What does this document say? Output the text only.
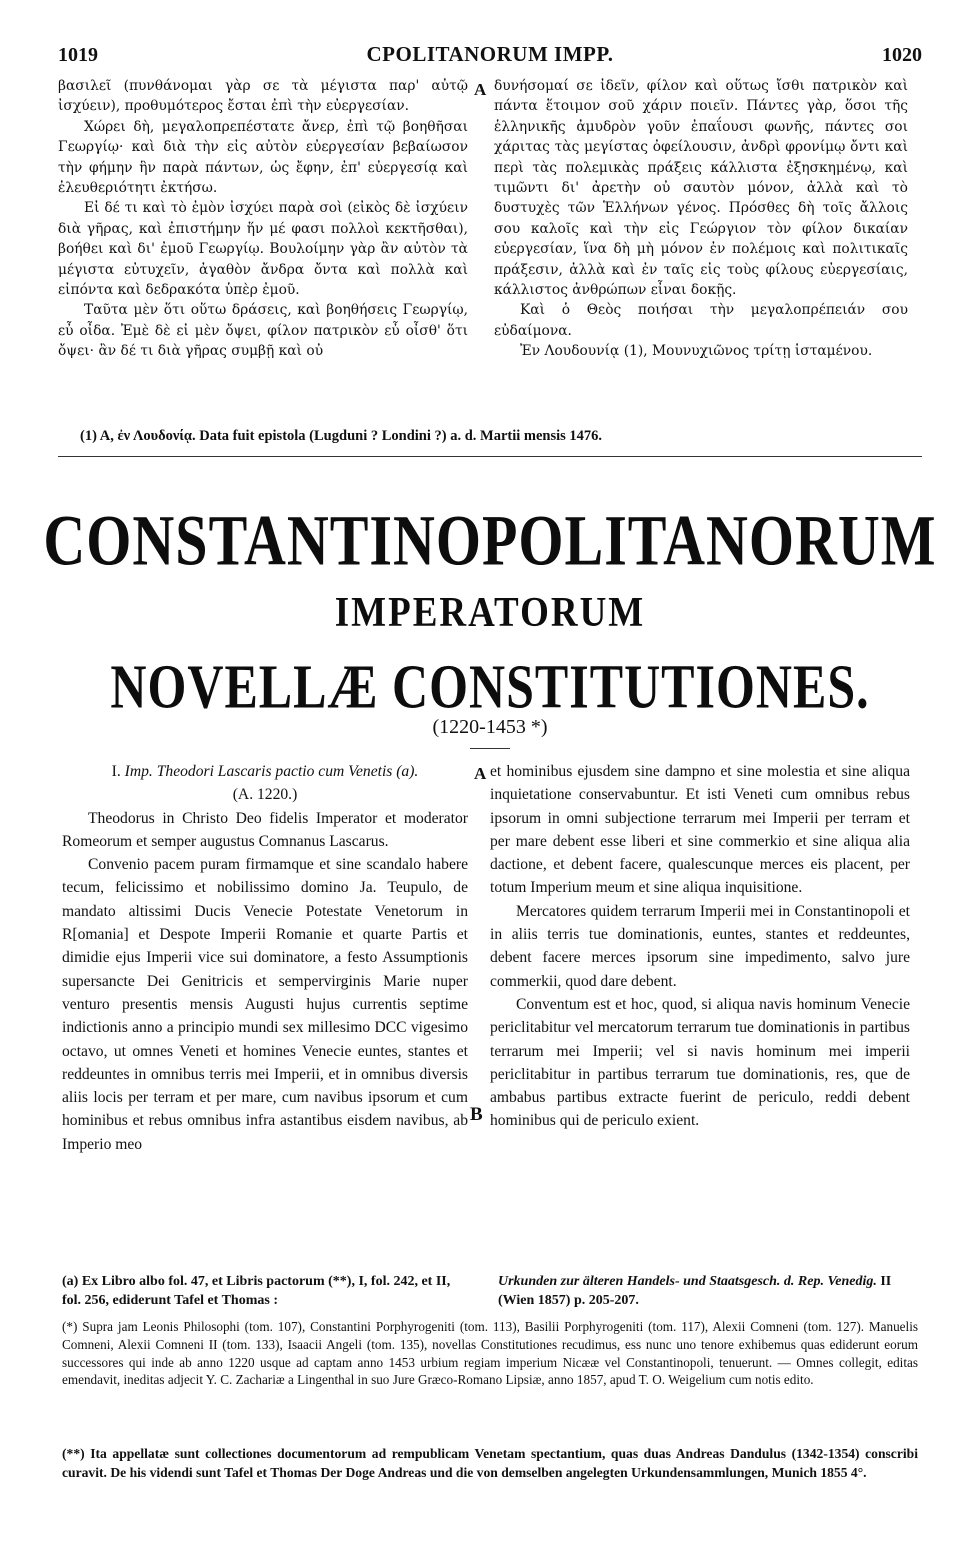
1019	CPOLITANORUM IMPP.	1020

βασιλεῖ (πυνθάνομαι γὰρ σε τὰ μέγιστα παρ' αὐτῷ ἰσχύειν), προθυμότερος ἔσται ἐπὶ τὴν εὐεργεσίαν.

Χώρει δὴ, μεγαλοπρεπέστατε ἄνερ, ἐπὶ τῷ βοηθῆσαι Γεωργίῳ· καὶ διὰ τὴν εἰς αὐτὸν εὐεργεσίαν βεβαίωσον τὴν φήμην ἣν παρὰ πάντων, ὡς ἔφην, ἐπ' εὐεργεσίᾳ καὶ ἐλευθεριότητι ἐκτήσω.

Εἰ δέ τι καὶ τὸ ἐμὸν ἰσχύει παρὰ σοὶ (εἰκὸς δὲ ἰσχύειν διὰ γῆρας, καὶ ἐπιστήμην ἥν μέ φασι πολλοὶ κεκτῆσθαι), βοήθει καὶ δι' ἐμοῦ Γεωργίῳ. Βουλοίμην γὰρ ἂν αὐτὸν τὰ μέγιστα εὐτυχεῖν, ἀγαθὸν ἄνδρα ὄντα καὶ πολλὰ καὶ εἰπόντα καὶ δεδρακότα ὑπὲρ ἐμοῦ.

Ταῦτα μὲν ὅτι οὕτω δράσεις, καὶ βοηθήσεις Γεωργίῳ, εὖ οἶδα. Ἐμὲ δὲ εἰ μὲν ὄψει, φίλον πατρικὸν εὖ οἶσθ' ὅτι ὄψει· ἂν δέ τι διὰ γῆρας συμβῇ καὶ οὐ

A δυνήσομαί σε ἰδεῖν, φίλον καὶ οὕτως ἴσθι πατρικὸν καὶ πάντα ἕτοιμον σοῦ χάριν ποιεῖν. Πάντες γὰρ, ὅσοι τῆς ἑλληνικῆς ἀμυδρὸν γοῦν ἐπαΐουσι φωνῆς, πάντες σοι χάριτας τὰς μεγίστας ὀφείλουσιν, ἀνδρὶ φρονίμῳ ὄντι καὶ περὶ τὰς πολεμικὰς πράξεις κάλλιστα ἐξησκημένῳ, καὶ τιμῶντι δι' ἀρετὴν οὐ σαυτὸν μόνον, ἀλλὰ καὶ τὸ δυστυχὲς τῶν Ἑλλήνων γένος. Πρόσθες δὴ τοῖς ἄλλοις σου καλοῖς καὶ τὴν εἰς Γεώργιον τὸν φίλον δικαίαν εὐεργεσίαν, ἵνα δὴ μὴ μόνον ἐν πολέμοις καὶ πολιτικαῖς πράξεσιν, ἀλλὰ καὶ ἐν ταῖς εἰς τοὺς φίλους εὐεργεσίαις, κάλλιστος ἀνθρώπων εἶναι δοκῇς.

Καὶ ὁ Θεὸς ποιήσαι τὴν μεγαλοπρέπειάν σου εὐδαίμονα.

Ἐν Λουδουνίᾳ (1), Μουνυχιῶνος τρίτῃ ἱσταμένου.

(1) A, ἐν Λουδονίᾳ. Data fuit epistola (Lugduni ? Londini ?) a. d. Martii mensis 1476.
CONSTANTINOPOLITANORUM
IMPERATORUM
NOVELLÆ CONSTITUTIONES.
(1220-1453 *)

I. Imp. Theodori Lascaris pactio cum Venetis (a).

(A. 1220.)

Theodorus in Christo Deo fidelis Imperator et moderator Romeorum et semper augustus Comnanus Lascarus.

Convenio pacem puram firmamque et sine scandalo habere tecum, felicissimo et nobilissimo domino Ja. Teupulo, de mandato altissimi Ducis Venecie Potestate Venetorum in R[omania] et Despote Imperii Romanie et quarte Partis et dimidie ejus Imperii vice sui dominatore, a festo Assumptionis supersancte Dei Genitricis et sempervirginis Marie nuper venturo presentis mensis Augusti hujus currentis septime indictionis anno a principio mundi sex millesimo DCC vigesimo octavo, ut omnes Veneti et homines Venecie euntes, stantes et reddeuntes in omnibus terris mei Imperii, et in omnibus diversis aliis locis per terram et per mare, cum navibus ipsorum et cum hominibus et rebus omnibus infra astantibus eisdem navibus, ab Imperio meo

A
B

et hominibus ejusdem sine dampno et sine molestia et sine aliqua inquietatione conservabuntur. Et isti Veneti cum omnibus rebus ipsorum in omni subjectione terrarum mei Imperii per terram et per mare debent esse liberi et sine commerkio et sine aliqua alia dactione, et debent facere, qualescunque merces eis placent, per totum Imperium meum et sine aliqua inquisitione.

Mercatores quidem terrarum Imperii mei in Constantinopoli et in aliis terris tue dominationis, euntes, stantes et reddeuntes, debent facere merces ipsorum sine impedimento, salvo jure commerkii, quod dare debent.

Conventum est et hoc, quod, si aliqua navis hominum Venecie periclitabitur vel mercatorum terrarum tue dominationis in partibus terrarum mei Imperii; vel si navis hominum mei imperii periclitabitur in partibus terrarum tue dominationis, res, que de ambabus partibus extracte fuerint de periculo, reddi debent hominibus qui de periculo exient.

(a) Ex Libro albo fol. 47, et Libris pactorum (**), I, fol. 242, et II, fol. 256, ediderunt Tafel et Thomas :
Urkunden zur älteren Handels- und Staatsgesch. d. Rep. Venedig. II (Wien 1857) p. 205-207.

(*) Supra jam Leonis Philosophi (tom. 107), Constantini Porphyrogeniti (tom. 113), Basilii Porphyrogeniti (tom. 117), Alexii Comneni (tom. 127). Manuelis Comneni, Alexii Comneni II (tom. 133), Isaacii Angeli (tom. 135), novellas Constitutiones recudimus, ess nunc uno tenore exhibemus quas ediderunt eorum successores qui inde ab anno 1220 usque ad captam anno 1453 urbium regiam imperium Nicææ vel Constantinopoli, tenuerunt. — Omnes collegit, editas emendavit, ineditas adjecit Y. C. Zachariæ a Lingenthal in suo Jure Græco-Romano Lipsiæ, anno 1857, apud T. O. Weigelium cum notis edito.

(**) Ita appellatæ sunt collectiones documentorum ad rempublicam Venetam spectantium, quas duas Andreas Dandulus (1342-1354) conscribi curavit. De his videndi sunt Tafel et Thomas Der Doge Andreas und die von demselben angelegten Urkundensammlungen, Munich 1855 4°.
